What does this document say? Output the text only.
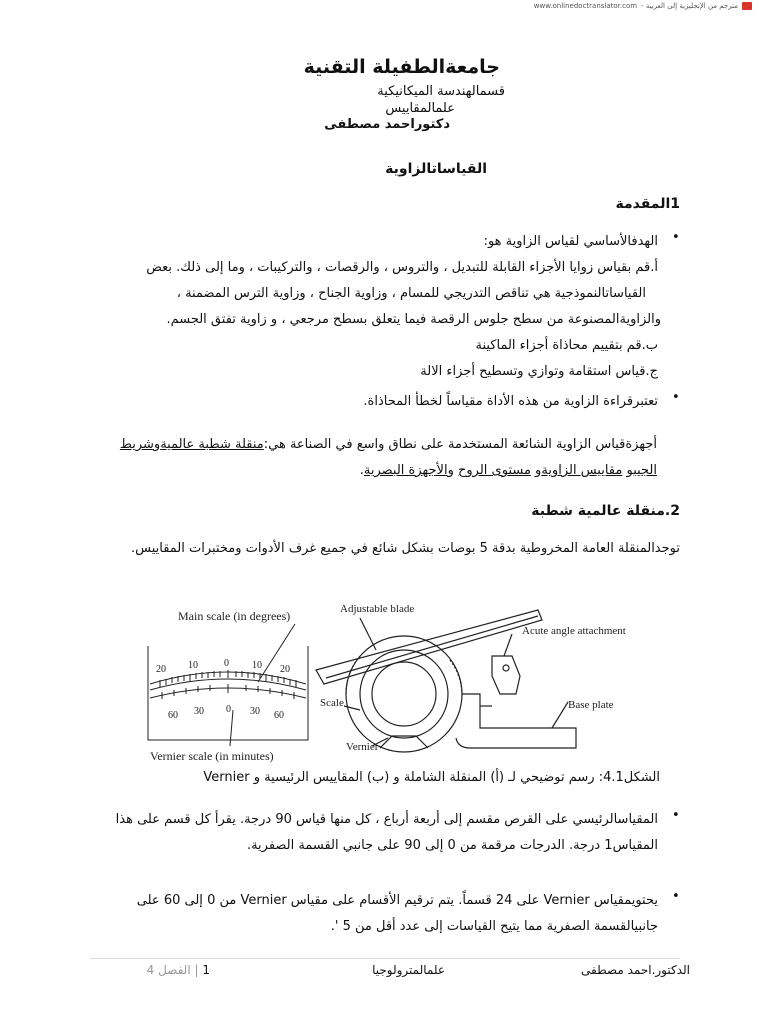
www.onlinedoctranslator.com مترجم من الإنجليزية إلى العربية -
جامعةالطفيلة التقنية
قسمالهندسة الميكانيكية
علمالمقاييس
دكتوراحمد مصطفى
القياساتالزاوية
1المقدمة
•
الهدفالأساسي لقياس الزاوية هو:
أ.قم بقياس زوايا الأجزاء القابلة للتبديل ، والتروس ، والرقصات ، والتركيبات ، وما إلى ذلك. بعض
القياساتالنموذجية هي تناقص التدريجي للمسام ، وزاوية الجناح ، وزاوية الترس المضمنة ،
والزاويةالمصنوعة من سطح جلوس الرقصة فيما يتعلق بسطح مرجعي ، و زاوية تفتق الجسم.
ب.قم بتقييم محاذاة أجزاء الماكينة
ج.قياس استقامة وتوازي وتسطيح أجزاء الالة
•
تعتبرقراءة الزاوية من هذه الأداة مقياساً لخطأ المحاذاة.
أجهزةقياس الزاوية الشائعة المستخدمة على نطاق واسع في الصناعة هي:منقلة شطبة عالميةوشريط الجيبو مقاييس الزاويةو مستوى الروح والأجهزة البصرية.
2.منقلة عالمية شطبة
توجدالمنقلة العامة المخروطية بدقة 5 بوصات بشكل شائع في جميع غرف الأدوات ومختبرات المقاييس.
Main scale (in degrees)
Vernier scale (in minutes)
20 10	0 10 20
60 30 0 30 60
Adjustable blade
Acute angle attachment
Scale	Base plate
Vernier
الشكل4.1: رسم توضيحي لـ (أ) المنقلة الشاملة و (ب) المقاييس الرئيسية و Vernier
•
المقياسالرئيسي على القرص مقسم إلى أربعة أرباع ، كل منها قياس 90 درجة. يقرأ كل قسم على هذا
المقياس1 درجة. الدرجات مرقمة من 0 إلى 90 على جانبي القسمة الصفرية.
•
يحتويمقياس Vernier على 24 قسماً. يتم ترقيم الأقسام على مقياس Vernier من 0 إلى 60 على
جانبيالقسمة الصفرية مما يتيح القياسات إلى عدد أقل من 5 '.
الدكتور.احمد مصطفى
علمالمترولوجيا
1 | الفصل 4
